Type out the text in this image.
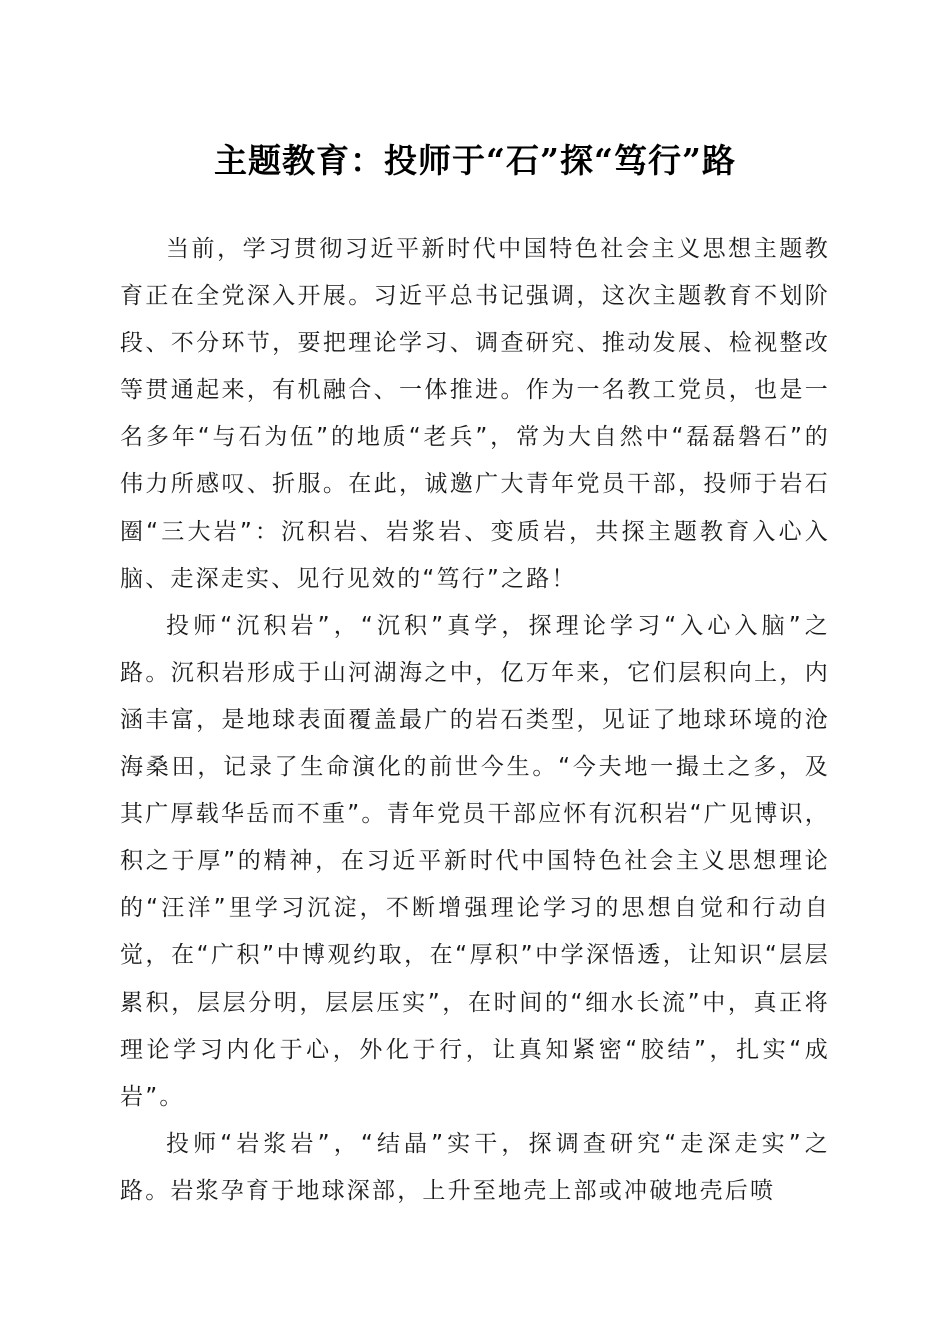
主题教育：投师于“石”探“笃行”路

当前，学习贯彻习近平新时代中国特色社会主义思想主题教育正在全党深入开展。习近平总书记强调，这次主题教育不划阶段、不分环节，要把理论学习、调查研究、推动发展、检视整改等贯通起来，有机融合、一体推进。作为一名教工党员，也是一名多年“与石为伍”的地质“老兵”，常为大自然中“磊磊磐石”的伟力所感叹、折服。在此，诚邀广大青年党员干部，投师于岩石圈“三大岩”：沉积岩、岩浆岩、变质岩，共探主题教育入心入脑、走深走实、见行见效的“笃行”之路！

投师“沉积岩”，“沉积”真学，探理论学习“入心入脑”之路。沉积岩形成于山河湖海之中，亿万年来，它们层积向上，内涵丰富，是地球表面覆盖最广的岩石类型，见证了地球环境的沧海桑田，记录了生命演化的前世今生。“今夫地一撮土之多，及其广厚载华岳而不重”。青年党员干部应怀有沉积岩“广见博识，积之于厚”的精神，在习近平新时代中国特色社会主义思想理论的“汪洋”里学习沉淀，不断增强理论学习的思想自觉和行动自觉，在“广积”中博观约取，在“厚积”中学深悟透，让知识“层层累积，层层分明，层层压实”，在时间的“细水长流”中，真正将理论学习内化于心，外化于行，让真知紧密“胶结”，扎实“成岩”。

投师“岩浆岩”，“结晶”实干，探调查研究“走深走实”之路。岩浆孕育于地球深部，上升至地壳上部或冲破地壳后喷
